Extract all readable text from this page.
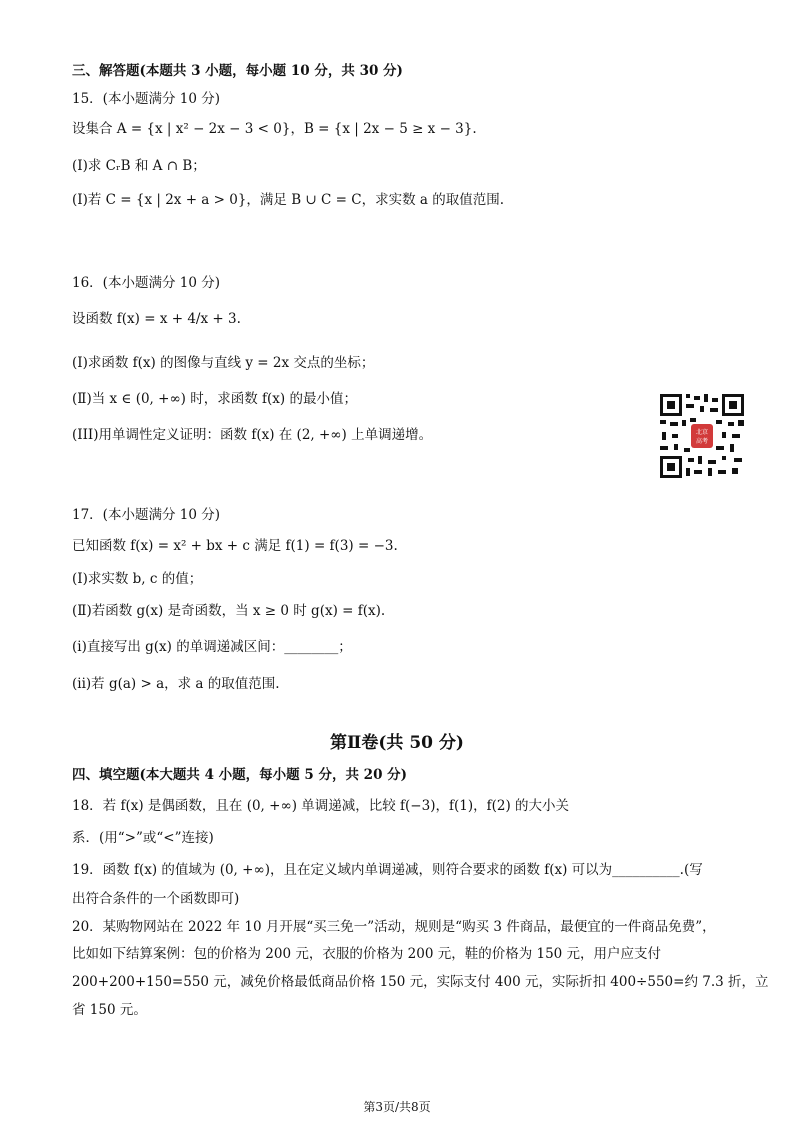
三、解答题(本题共 3 小题，每小题 10 分，共 30 分)
15．(本小题满分 10 分)
设集合 A = {x | x² − 2x − 3 < 0}，B = {x | 2x − 5 ≥ x − 3}.
(I)求 CᵣB 和 A ∩ B；
(I)若 C = {x | 2x + a > 0}，满足 B ∪ C = C，求实数 a 的取值范围.
16．(本小题满分 10 分)
设函数 f(x) = x + 4/x + 3.
(I)求函数 f(x) 的图像与直线 y = 2x 交点的坐标；
(Ⅱ)当 x ∈ (0, +∞) 时，求函数 f(x) 的最小值；
(III)用单调性定义证明：函数 f(x) 在 (2, +∞) 上单调递增。	北京
高考
17．(本小题满分 10 分)
已知函数 f(x) = x² + bx + c 满足 f(1) = f(3) = −3.
(I)求实数 b, c 的值；
(Ⅱ)若函数 g(x) 是奇函数，当 x ≥ 0 时 g(x) = f(x).
(i)直接写出 g(x) 的单调递减区间：________；
(ii)若 g(a) > a，求 a 的取值范围.
第Ⅱ卷(共 50 分)
四、填空题(本大题共 4 小题，每小题 5 分，共 20 分)
18．若 f(x) 是偶函数，且在 (0, +∞) 单调递减，比较 f(−3)，f(1)，f(2) 的大小关
系．(用“>”或“<”连接)
19．函数 f(x) 的值域为 (0, +∞)，且在定义域内单调递减，则符合要求的函数 f(x) 可以为__________.(写
出符合条件的一个函数即可)
20．某购物网站在 2022 年 10 月开展“买三免一”活动，规则是“购买 3 件商品，最便宜的一件商品免费”，
比如如下结算案例：包的价格为 200 元，衣服的价格为 200 元，鞋的价格为 150 元，用户应支付
200+200+150=550 元，减免价格最低商品价格 150 元，实际支付 400 元，实际折扣 400÷550=约 7.3 折，立
省 150 元。
第3页/共8页
